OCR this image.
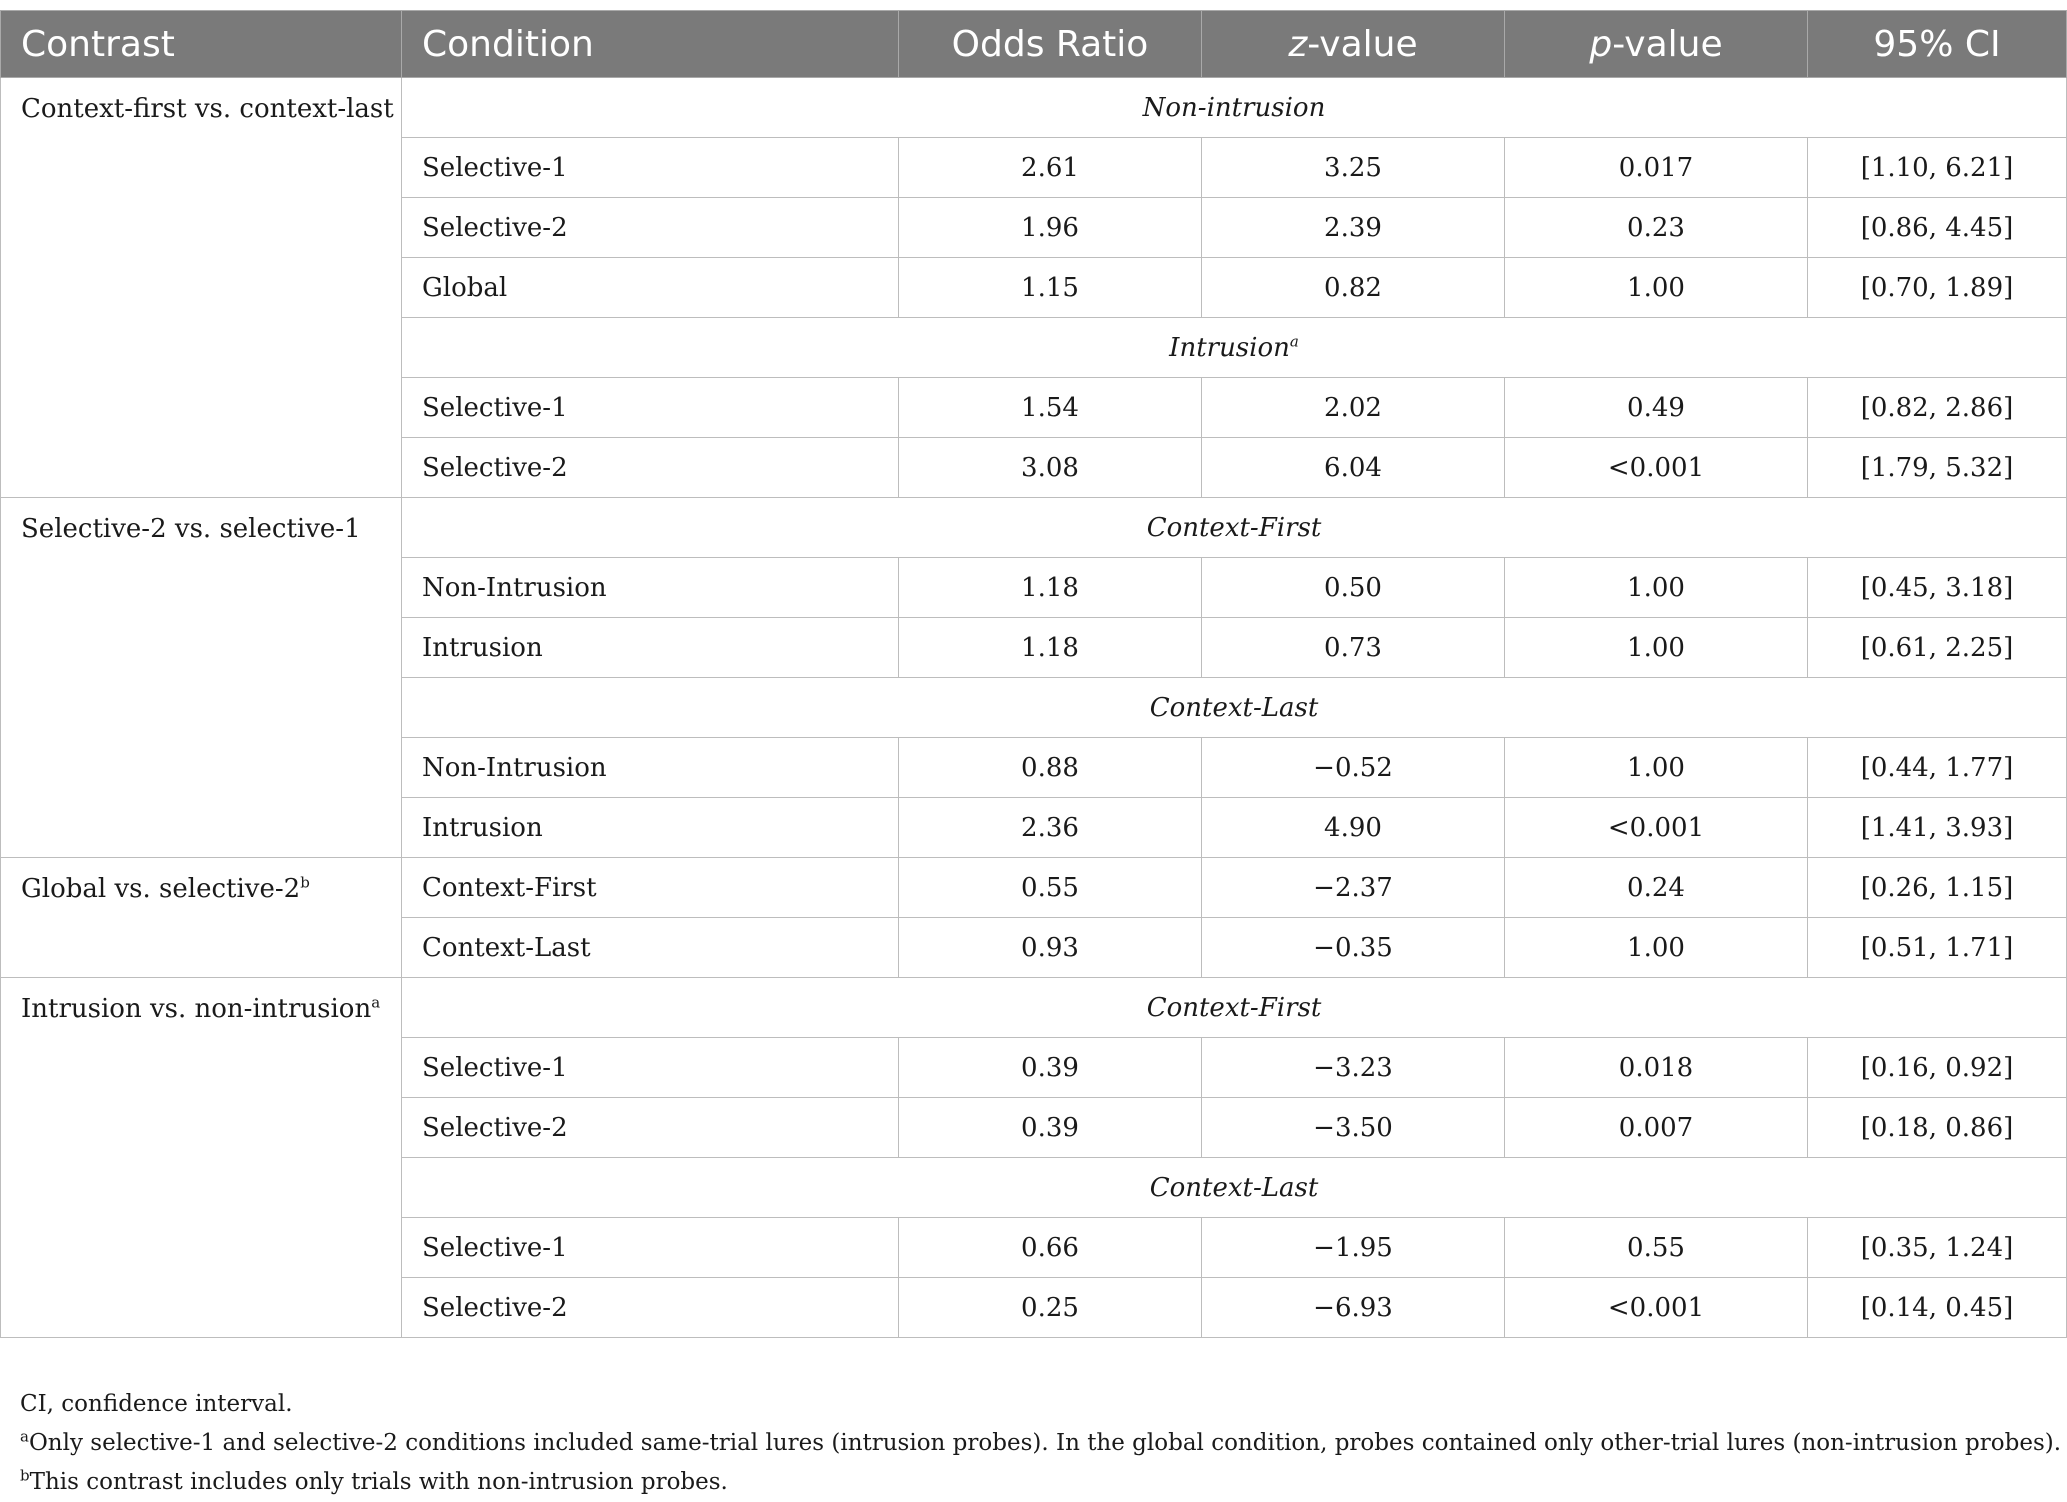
Contrast	Condition	Odds Ratio	z-value	p-value	95% CI
Context-first vs. context-last	Non-intrusion				
	Selective-1	2.61	3.25	0.017	[1.10, 6.21]
	Selective-2	1.96	2.39	0.23	[0.86, 4.45]
	Global	1.15	0.82	1.00	[0.70, 1.89]
	Intrusion$^a$
	Selective-1	1.54	2.02	0.49	[0.82, 2.86]
	Selective-2	3.08	6.04	<0.001	[1.79, 5.32]
Selective-2 vs. selective-1	Context-First				
	Non-Intrusion	1.18	0.50	1.00	[0.45, 3.18]
	Intrusion	1.18	0.73	1.00	[0.61, 2.25]
	Context-Last				
	Non-Intrusion	0.88	−0.52	1.00	[0.44, 1.77]
	Intrusion	2.36	4.90	<0.001	[1.41, 3.93]
Global vs. selective-2$^b$	Context-First	0.55	−2.37	0.24	[0.26, 1.15]
	Context-Last	0.93	−0.35	1.00	[0.51, 1.71]
Intrusion vs. non-intrusion$^a$	Context-First				
	Selective-1	0.39	−3.23	0.018	[0.16, 0.92]
	Selective-2	0.39	−3.50	0.007	[0.18, 0.86]
	Context-Last				
	Selective-1	0.66	−1.95	0.55	[0.35, 1.24]
	Selective-2	0.25	−6.93	<0.001	[0.14, 0.45]

CI, confidence interval.

$^a$Only selective-1 and selective-2 conditions included same-trial lures (intrusion probes). In the global condition, probes contained only other-trial lures (non-intrusion probes).

$^b$This contrast includes only trials with non-intrusion probes.
